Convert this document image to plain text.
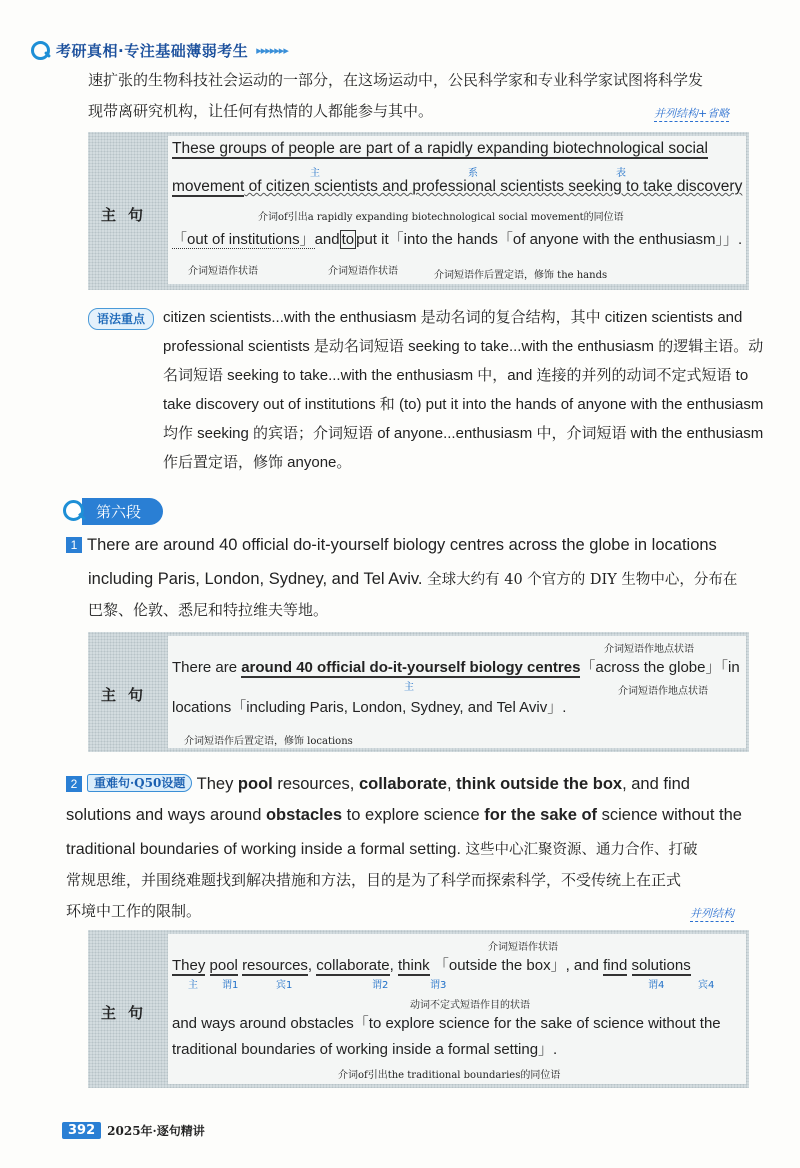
考研真相·专注基础薄弱考生 ▸▸▸▸▸▸▸
速扩张的生物科技社会运动的一部分，在这场运动中，公民科学家和专业科学家试图将科学发
现带离研究机构，让任何有热情的人都能参与其中。	并列结构+省略
主句
These groups of people are part of a rapidly expanding biotechnological social
主	系	表
movement of citizen scientists and professional scientists seeking to take discovery
介词of引出a rapidly expanding biotechnological social movement的同位语
「out of institutions」and to put it「into the hands「of anyone with the enthusiasm」」.
介词短语作状语	介词短语作状语	介词短语作后置定语，修饰 the hands
语法重点	citizen scientists...with the enthusiasm 是动名词的复合结构，其中 citizen scientists and
professional scientists 是动名词短语 seeking to take...with the enthusiasm 的逻辑主语。动
名词短语 seeking to take...with the enthusiasm 中，and 连接的并列的动词不定式短语 to
take discovery out of institutions 和 (to) put it into the hands of anyone with the enthusiasm
均作 seeking 的宾语；介词短语 of anyone...enthusiasm 中，介词短语 with the enthusiasm
作后置定语，修饰 anyone。
第六段
1 There are around 40 official do-it-yourself biology centres across the globe in locations
including Paris, London, Sydney, and Tel Aviv. 全球大约有 40 个官方的 DIY 生物中心，分布在
巴黎、伦敦、悉尼和特拉维夫等地。
主句
介词短语作地点状语
There are around 40 official do-it-yourself biology centres「across the globe」「in
主	介词短语作地点状语
locations「including Paris, London, Sydney, and Tel Aviv」.
介词短语作后置定语，修饰 locations
2 重难句·Q50设题 They pool resources, collaborate, think outside the box, and find
solutions and ways around obstacles to explore science for the sake of science without the
traditional boundaries of working inside a formal setting. 这些中心汇聚资源、通力合作、打破
常规思维，并围绕难题找到解决措施和方法，目的是为了科学而探索科学，不受传统上在正式
环境中工作的限制。	并列结构
主句
介词短语作状语
They pool resources, collaborate, think 「outside the box」, and find solutions
主 谓1	宾1	谓2	谓3	谓4	宾4
动词不定式短语作目的状语
and ways around obstacles「to explore science for the sake of science without the
traditional boundaries of working inside a formal setting」.
介词of引出the traditional boundaries的同位语
392	2025年·逐句精讲
